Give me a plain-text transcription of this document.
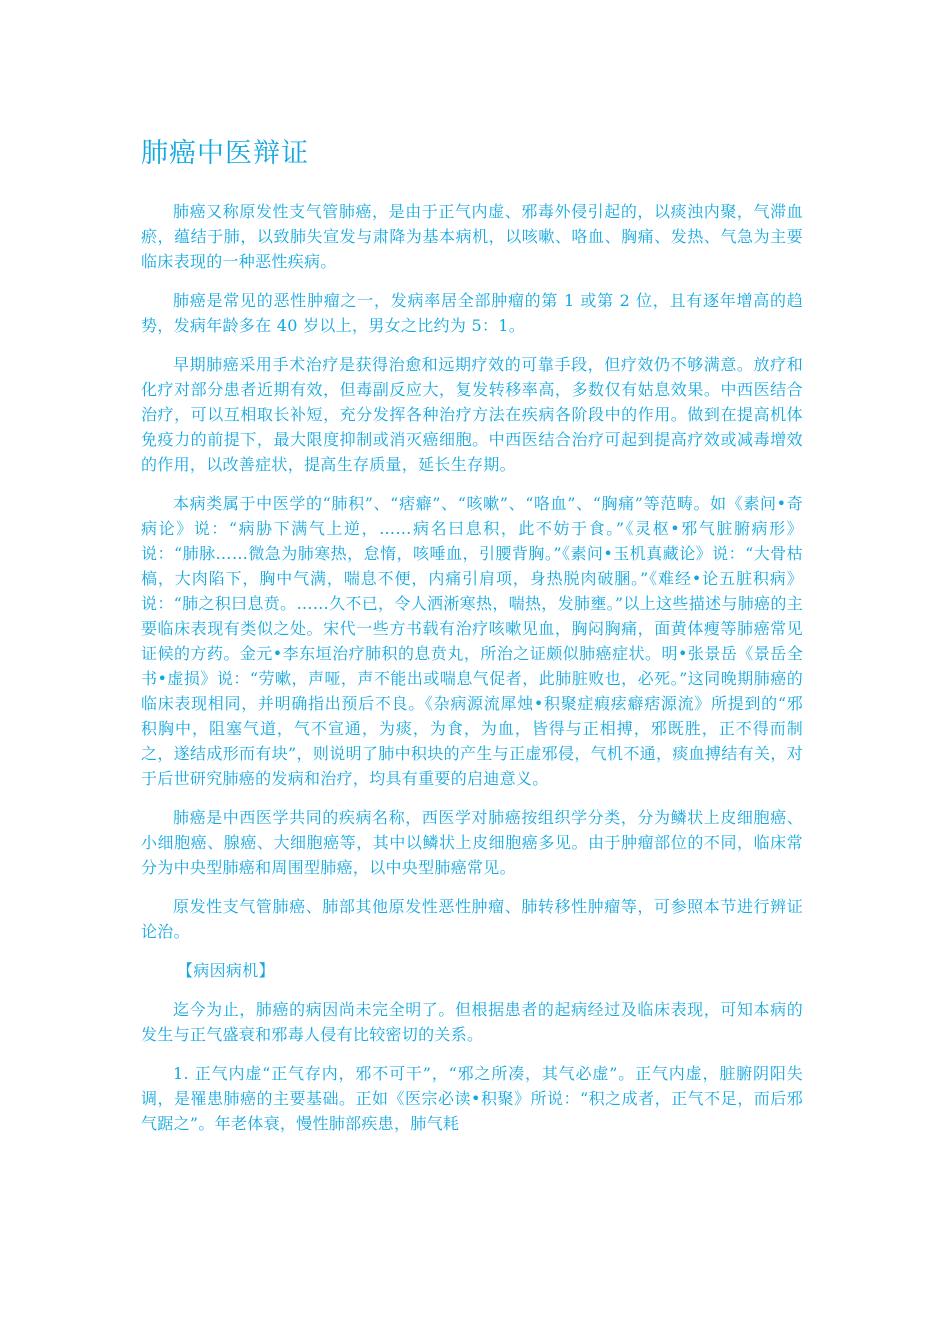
肺癌中医辩证

肺癌又称原发性支气管肺癌，是由于正气内虚、邪毒外侵引起的，以痰浊内聚，气滞血瘀，蕴结于肺，以致肺失宣发与肃降为基本病机，以咳嗽、咯血、胸痛、发热、气急为主要临床表现的一种恶性疾病。

肺癌是常见的恶性肿瘤之一，发病率居全部肿瘤的第 1 或第 2 位，且有逐年增高的趋势，发病年龄多在 40 岁以上，男女之比约为 5：1。

早期肺癌采用手术治疗是获得治愈和远期疗效的可靠手段，但疗效仍不够满意。放疗和化疗对部分患者近期有效，但毒副反应大，复发转移率高，多数仅有姑息效果。中西医结合治疗，可以互相取长补短，充分发挥各种治疗方法在疾病各阶段中的作用。做到在提高机体免疫力的前提下，最大限度抑制或消灭癌细胞。中西医结合治疗可起到提高疗效或减毒增效的作用，以改善症状，提高生存质量，延长生存期。

本病类属于中医学的“肺积”、“痞癖”、“咳嗽”、“咯血”、“胸痛”等范畴。如《素问•奇病论》说：“病胁下满气上逆，……病名曰息积，此不妨于食。”《灵枢•邪气脏腑病形》说：“肺脉……微急为肺寒热，怠惰，咳唾血，引腰背胸。”《素问•玉机真藏论》说：“大骨枯槁，大肉陷下，胸中气满，喘息不便，内痛引肩项，身热脱肉破䐃。”《难经•论五脏积病》说：“肺之积曰息贲。……久不已，令人洒淅寒热，喘热，发肺壅。”以上这些描述与肺癌的主要临床表现有类似之处。宋代一些方书载有治疗咳嗽见血，胸闷胸痛，面黄体瘦等肺癌常见证候的方药。金元•李东垣治疗肺积的息贲丸，所治之证颇似肺癌症状。明•张景岳《景岳全书•虚损》说：“劳嗽，声哑，声不能出或喘息气促者，此肺脏败也，必死。”这同晚期肺癌的临床表现相同，并明确指出预后不良。《杂病源流犀烛•积聚症瘕痃癖痞源流》所提到的“邪积胸中，阻塞气道，气不宣通，为痰，为食，为血，皆得与正相搏，邪既胜，正不得而制之，遂结成形而有块”，则说明了肺中积块的产生与正虚邪侵，气机不通，痰血搏结有关，对于后世研究肺癌的发病和治疗，均具有重要的启迪意义。

肺癌是中西医学共同的疾病名称，西医学对肺癌按组织学分类，分为鳞状上皮细胞癌、小细胞癌、腺癌、大细胞癌等，其中以鳞状上皮细胞癌多见。由于肿瘤部位的不同，临床常分为中央型肺癌和周围型肺癌，以中央型肺癌常见。

原发性支气管肺癌、肺部其他原发性恶性肿瘤、肺转移性肿瘤等，可参照本节进行辨证论治。

【病因病机】

迄今为止，肺癌的病因尚未完全明了。但根据患者的起病经过及临床表现，可知本病的发生与正气盛衰和邪毒人侵有比较密切的关系。

1. 正气内虚“正气存内，邪不可干”，“邪之所凑，其气必虚”。正气内虚，脏腑阴阳失调，是罹患肺癌的主要基础。正如《医宗必读•积聚》所说：“积之成者，正气不足，而后邪气踞之”。年老体衰，慢性肺部疾患，肺气耗
